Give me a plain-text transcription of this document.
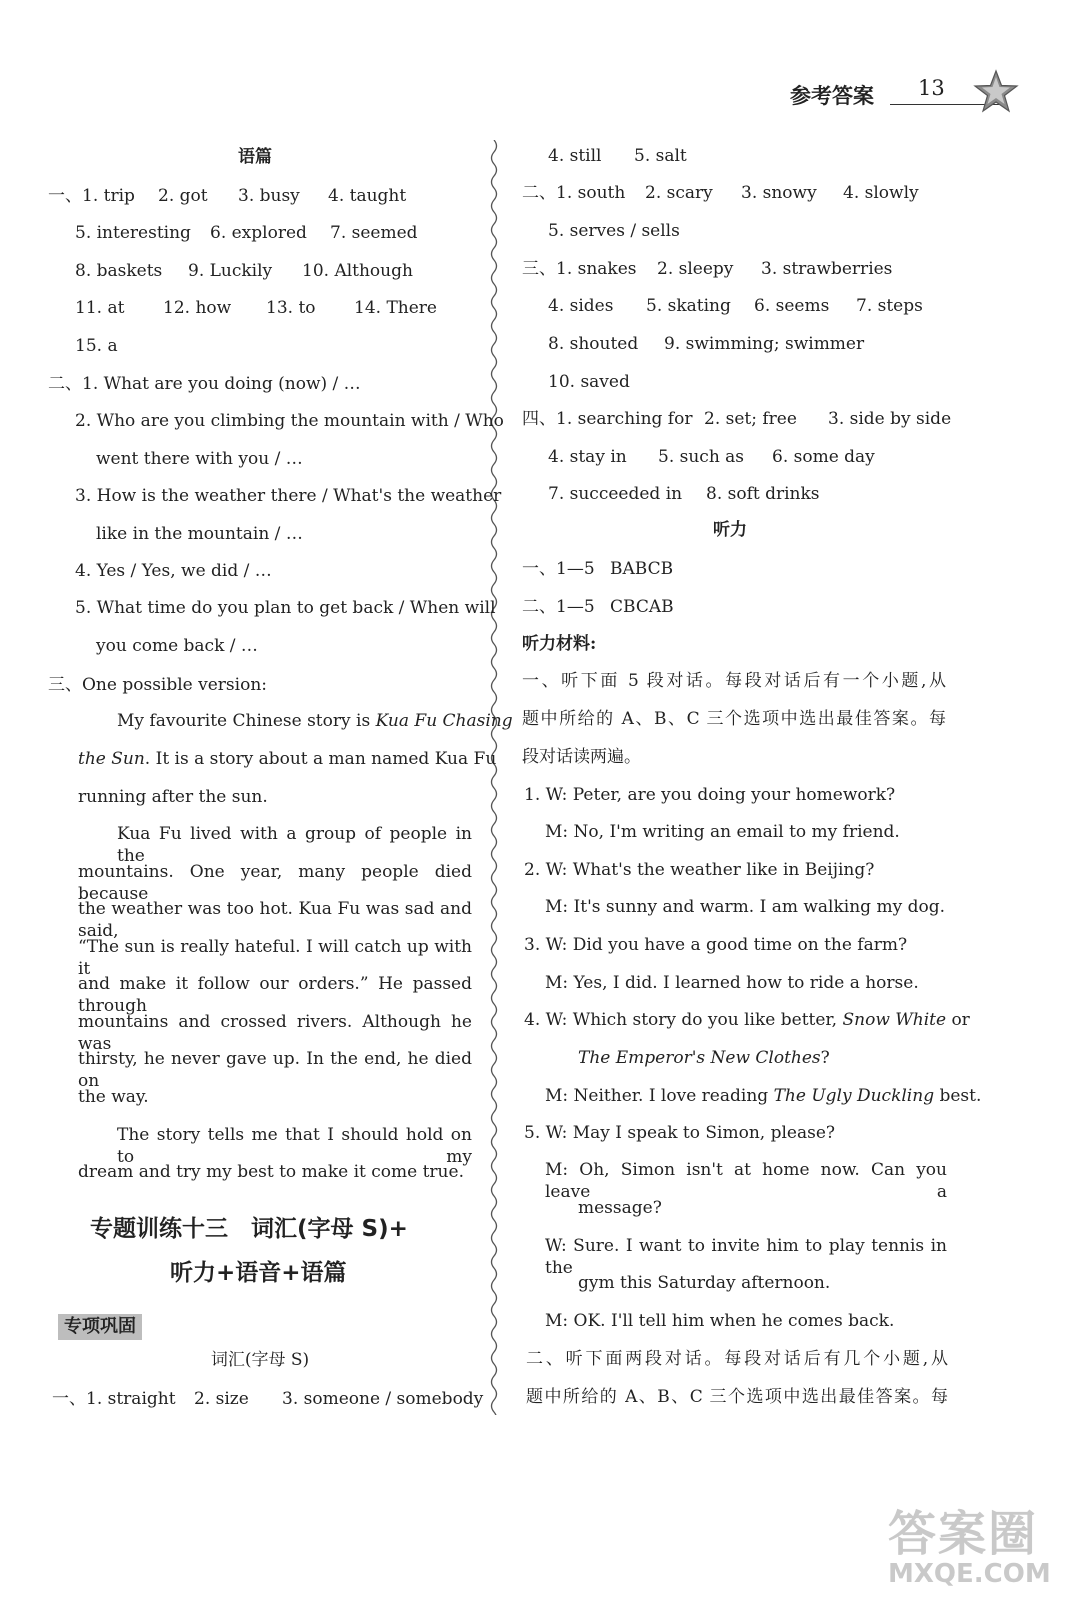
参考答案 13
语篇
一、1. trip 2. got 3. busy 4. taught
5. interesting 6. explored 7. seemed
8. baskets 9. Luckily 10. Although
11. at 12. how 13. to 14. There
15. a
二、1. What are you doing (now) / …
2. Who are you climbing the mountain with / Who
went there with you / …
3. How is the weather there / What's the weather
like in the mountain / …
4. Yes / Yes, we did / …
5. What time do you plan to get back / When will
you come back / …
三、One possible version:
My favourite Chinese story is Kua Fu Chasing
the Sun. It is a story about a man named Kua Fu
running after the sun.
Kua Fu lived with a group of people in the
mountains. One year, many people died because
the weather was too hot. Kua Fu was sad and said,
“The sun is really hateful. I will catch up with it
and make it follow our orders.” He passed through
mountains and crossed rivers. Although he was
thirsty, he never gave up. In the end, he died on
the way.
The story tells me that I should hold on to my
dream and try my best to make it come true.
专题训练十三　词汇(字母 S)+
听力+语音+语篇
专项巩固
词汇(字母 S)
一、1. straight 2. size 3. someone / somebody
4. still 5. salt
二、1. south 2. scary 3. snowy 4. slowly
5. serves / sells
三、1. snakes 2. sleepy 3. strawberries
4. sides 5. skating 6. seems 7. steps
8. shouted 9. swimming; swimmer
10. saved
四、1. searching for 2. set; free 3. side by side
4. stay in 5. such as 6. some day
7. succeeded in 8. soft drinks
听力
一、1—5 BABCB
二、1—5 CBCAB
听力材料:
一、听下面 5 段对话。每段对话后有一个小题,从
题中所给的 A、B、C 三个选项中选出最佳答案。每
段对话读两遍。
1. W: Peter, are you doing your homework?
M: No, I'm writing an email to my friend.
2. W: What's the weather like in Beijing?
M: It's sunny and warm. I am walking my dog.
3. W: Did you have a good time on the farm?
M: Yes, I did. I learned how to ride a horse.
4. W: Which story do you like better, Snow White or
The Emperor's New Clothes?
M: Neither. I love reading The Ugly Duckling best.
5. W: May I speak to Simon, please?
M: Oh, Simon isn't at home now. Can you leave a
message?
W: Sure. I want to invite him to play tennis in the
gym this Saturday afternoon.
M: OK. I'll tell him when he comes back.
二、听下面两段对话。每段对话后有几个小题,从
题中所给的 A、B、C 三个选项中选出最佳答案。每
答案圈
MXQE.COM
